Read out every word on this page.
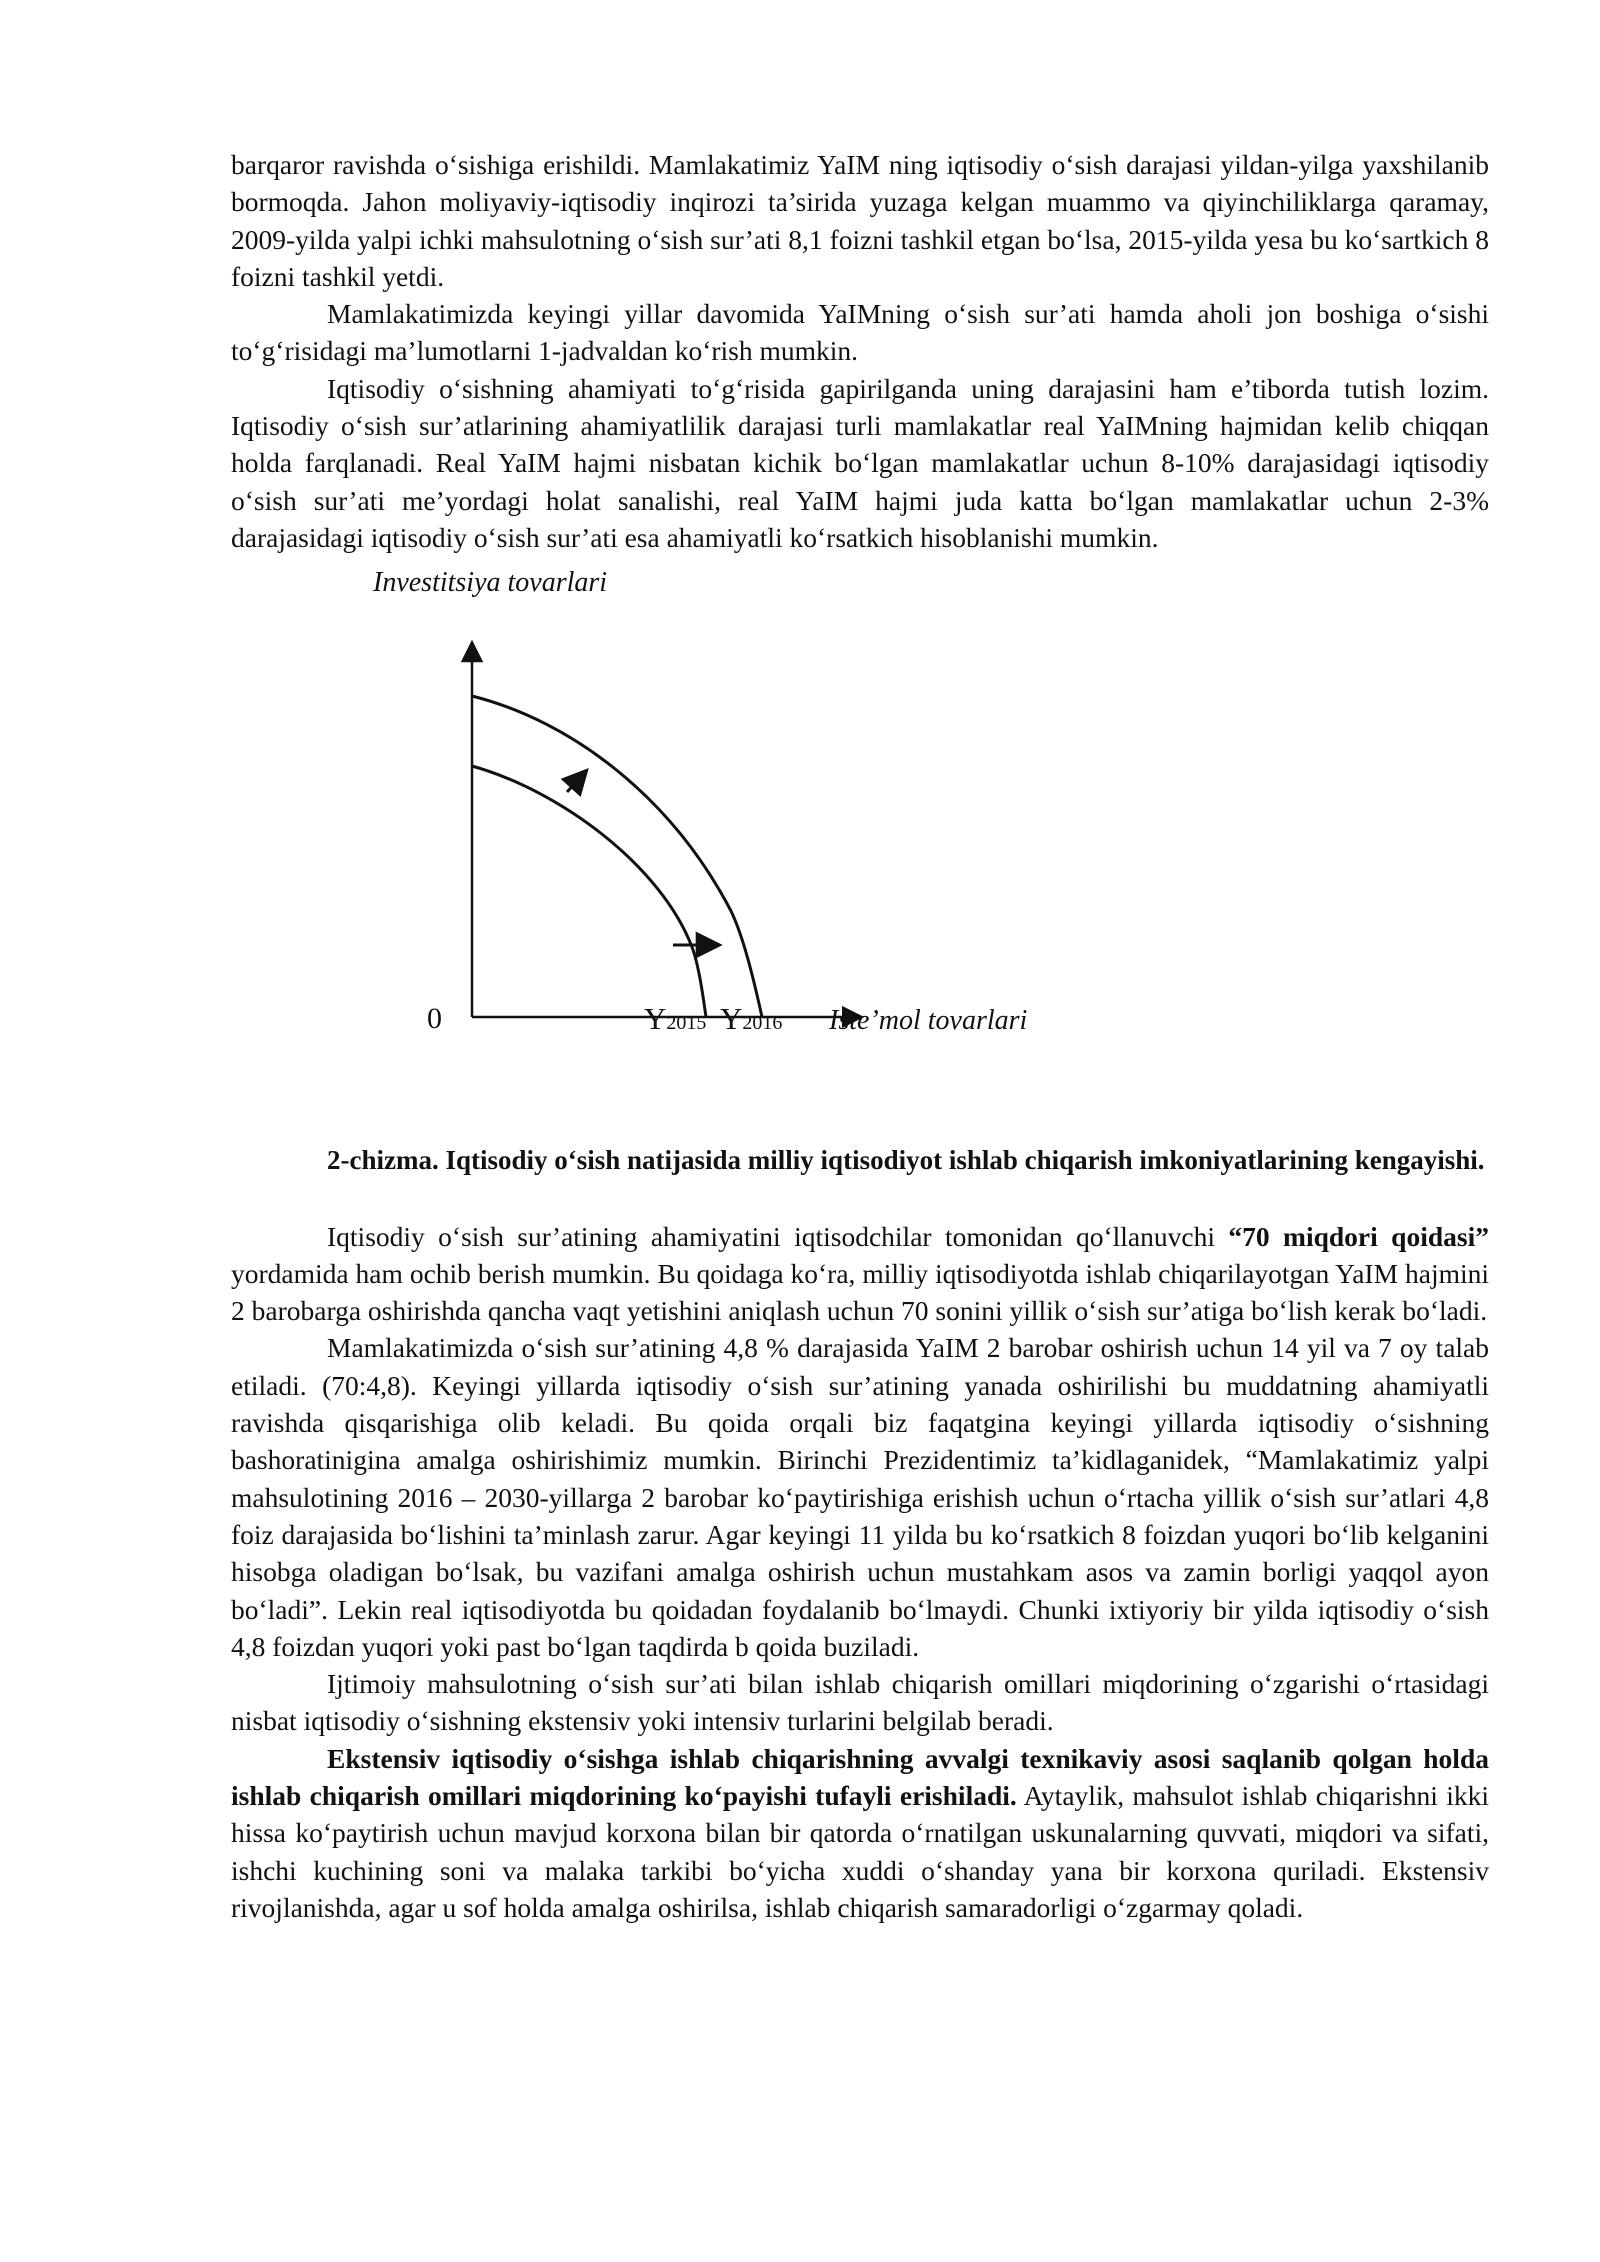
barqaror ravishda o‘sishiga erishildi. Mamlakatimiz YaIM ning iqtisodiy o‘sish darajasi yildan-yilga yaxshilanib bormoqda. Jahon moliyaviy-iqtisodiy inqirozi ta’sirida yuzaga kelgan muammo va qiyinchiliklarga qaramay, 2009-yilda yalpi ichki mahsulotning o‘sish sur’ati 8,1 foizni tashkil etgan bo‘lsa, 2015-yilda yesa bu ko‘sartkich 8 foizni tashkil yetdi.

Mamlakatimizda keyingi yillar davomida YaIMning o‘sish sur’ati hamda aholi jon boshiga o‘sishi to‘g‘risidagi ma’lumotlarni 1-jadvaldan ko‘rish mumkin.

Iqtisodiy o‘sishning ahamiyati to‘g‘risida gapirilganda uning darajasini ham e’tiborda tutish lozim. Iqtisodiy o‘sish sur’atlarining ahamiyatlilik darajasi turli mamlakatlar real YaIMning hajmidan kelib chiqqan holda farqlanadi. Real YaIM hajmi nisbatan kichik bo‘lgan mamlakatlar uchun 8-10% darajasidagi iqtisodiy o‘sish sur’ati me’yordagi holat sanalishi, real YaIM hajmi juda katta bo‘lgan mamlakatlar uchun 2-3% darajasidagi iqtisodiy o‘sish sur’ati esa ahamiyatli ko‘rsatkich hisoblanishi mumkin.

Investitsiya tovarlari
0	Y2015 Y2016 Iste’mol tovarlari

2-chizma. Iqtisodiy o‘sish natijasida milliy iqtisodiyot ishlab chiqarish imkoniyatlarining kengayishi.

Iqtisodiy o‘sish sur’atining ahamiyatini iqtisodchilar tomonidan qo‘llanuvchi “70 miqdori qoidasi” yordamida ham ochib berish mumkin. Bu qoidaga ko‘ra, milliy iqtisodiyotda ishlab chiqarilayotgan YaIM hajmini 2 barobarga oshirishda qancha vaqt yetishini aniqlash uchun 70 sonini yillik o‘sish sur’atiga bo‘lish kerak bo‘ladi.

Mamlakatimizda o‘sish sur’atining 4,8 % darajasida YaIM 2 barobar oshirish uchun 14 yil va 7 oy talab etiladi. (70:4,8). Keyingi yillarda iqtisodiy o‘sish sur’atining yanada oshirilishi bu muddatning ahamiyatli ravishda qisqarishiga olib keladi. Bu qoida orqali biz faqatgina keyingi yillarda iqtisodiy o‘sishning bashoratinigina amalga oshirishimiz mumkin. Birinchi Prezidentimiz ta’kidlaganidek, “Mamlakatimiz yalpi mahsulotining 2016 – 2030-yillarga 2 barobar ko‘paytirishiga erishish uchun o‘rtacha yillik o‘sish sur’atlari 4,8 foiz darajasida bo‘lishini ta’minlash zarur. Agar keyingi 11 yilda bu ko‘rsatkich 8 foizdan yuqori bo‘lib kelganini hisobga oladigan bo‘lsak, bu vazifani amalga oshirish uchun mustahkam asos va zamin borligi yaqqol ayon bo‘ladi”. Lekin real iqtisodiyotda bu qoidadan foydalanib bo‘lmaydi. Chunki ixtiyoriy bir yilda iqtisodiy o‘sish 4,8 foizdan yuqori yoki past bo‘lgan taqdirda b qoida buziladi.

Ijtimoiy mahsulotning o‘sish sur’ati bilan ishlab chiqarish omillari miqdorining o‘zgarishi o‘rtasidagi nisbat iqtisodiy o‘sishning ekstensiv yoki intensiv turlarini belgilab beradi.

Ekstensiv iqtisodiy o‘sishga ishlab chiqarishning avvalgi texnikaviy asosi saqlanib qolgan holda ishlab chiqarish omillari miqdorining ko‘payishi tufayli erishiladi. Aytaylik, mahsulot ishlab chiqarishni ikki hissa ko‘paytirish uchun mavjud korxona bilan bir qatorda o‘rnatilgan uskunalarning quvvati, miqdori va sifati, ishchi kuchining soni va malaka tarkibi bo‘yicha xuddi o‘shanday yana bir korxona quriladi. Ekstensiv rivojlanishda, agar u sof holda amalga oshirilsa, ishlab chiqarish samaradorligi o‘zgarmay qoladi.
